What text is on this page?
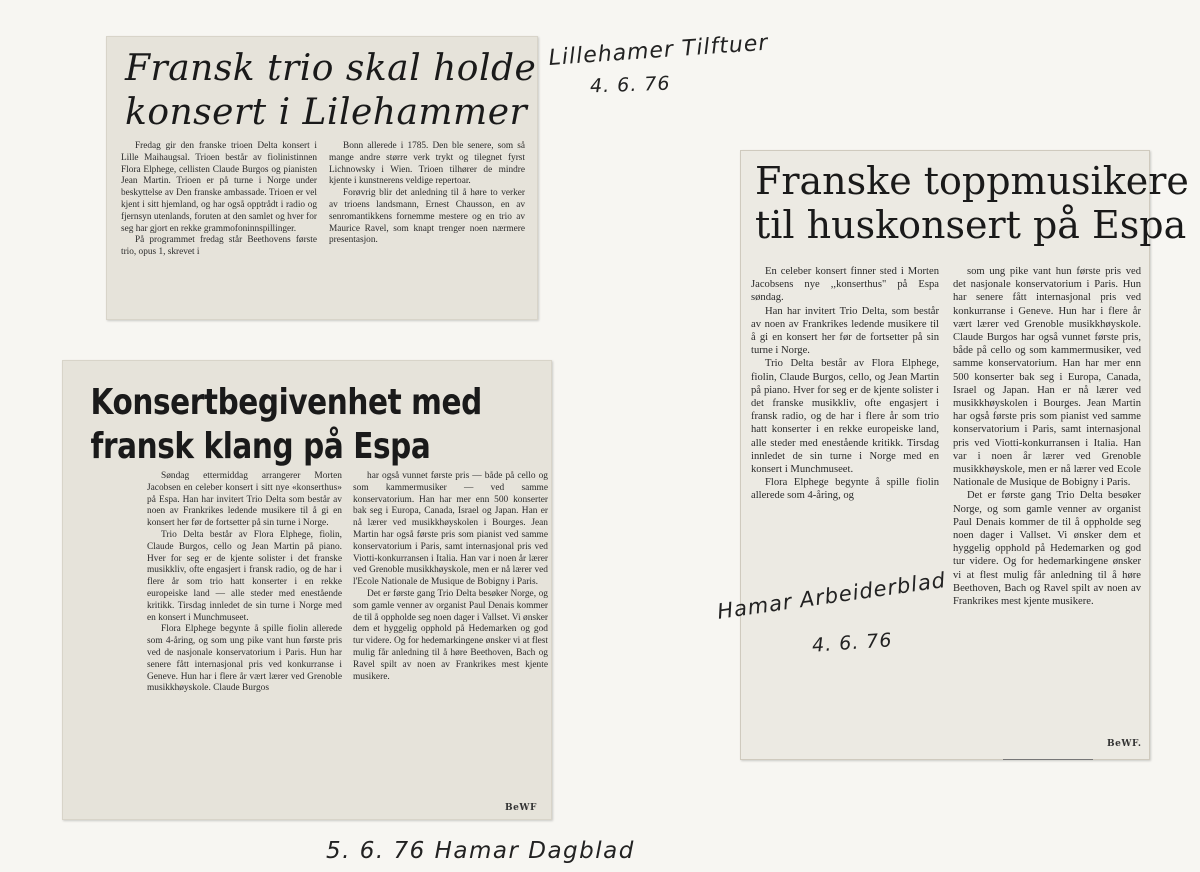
Fransk trio skal holde
konsert i Lilehammer

Fredag gir den franske trioen Delta konsert i Lille Maihaugsal. Trioen består av fiolinistinnen Flora Elphege, cellisten Claude Burgos og pianisten Jean Martin. Trioen er på turne i Norge under beskyttelse av Den franske ambassade. Trioen er vel kjent i sitt hjemland, og har også opptrådt i radio og fjernsyn utenlands, foruten at den samlet og hver for seg har gjort en rekke grammofoninnspillinger.

På programmet fredag står Beethovens første trio, opus 1, skrevet i

Bonn allerede i 1785. Den ble senere, som så mange andre større verk trykt og tilegnet fyrst Lichnowsky i Wien. Trioen tilhører de mindre kjente i kunstnerens veldige repertoar.

Forøvrig blir det anledning til å høre to verker av trioens landsmann, Ernest Chausson, en av senromantikkens fornemme mestere og en trio av Maurice Ravel, som knapt trenger noen nærmere presentasjon.

Konsertbegivenhet med
fransk klang på Espa

Søndag ettermiddag arrangerer Morten Jacobsen en celeber konsert i sitt nye «konserthus» på Espa. Han har invitert Trio Delta som består av noen av Frankrikes ledende musikere til å gi en konsert her før de fortsetter på sin turne i Norge.

Trio Delta består av Flora Elphege, fiolin, Claude Burgos, cello og Jean Martin på piano. Hver for seg er de kjente solister i det franske musikkliv, ofte engasjert i fransk radio, og de har i flere år som trio hatt konserter i en rekke europeiske land — alle steder med enestående kritikk. Tirsdag innledet de sin turne i Norge med en konsert i Munchmuseet.

Flora Elphege begynte å spille fiolin allerede som 4-åring, og som ung pike vant hun første pris ved de nasjonale konservatorium i Paris. Hun har senere fått internasjonal pris ved konkurranse i Geneve. Hun har i flere år vært lærer ved Grenoble musikkhøyskole. Claude Burgos

har også vunnet første pris — både på cello og som kammermusiker — ved samme konservatorium. Han har mer enn 500 konserter bak seg i Europa, Canada, Israel og Japan. Han er nå lærer ved musikkhøyskolen i Bourges. Jean Martin har også første pris som pianist ved samme konservatorium i Paris, samt internasjonal pris ved Viotti-konkurransen i Italia. Han var i noen år lærer ved Grenoble musikkhøyskole, men er nå lærer ved l'Ecole Nationale de Musique de Bobigny i Paris.

Det er første gang Trio Delta besøker Norge, og som gamle venner av organist Paul Denais kommer de til å oppholde seg noen dager i Vallset. Vi ønsker dem et hyggelig opphold på Hedemarken og god tur videre. Og for hedemarkingene ønsker vi at flest mulig får anledning til å høre Beethoven, Bach og Ravel spilt av noen av Frankrikes mest kjente musikere.

BeWF
Franske toppmusikere
til huskonsert på Espa

En celeber konsert finner sted i Morten Jacobsens nye ,,konserthus" på Espa søndag.

Han har invitert Trio Delta, som består av noen av Frankrikes ledende musikere til å gi en konsert her før de fortsetter på sin turne i Norge.

Trio Delta består av Flora Elphege, fiolin, Claude Burgos, cello, og Jean Martin på piano. Hver for seg er de kjente solister i det franske musikkliv, ofte engasjert i fransk radio, og de har i flere år som trio hatt konserter i en rekke europeiske land, alle steder med enestående kritikk. Tirsdag innledet de sin turne i Norge med en konsert i Munchmuseet.

Flora Elphege begynte å spille fiolin allerede som 4-åring, og

som ung pike vant hun første pris ved det nasjonale konservatorium i Paris. Hun har senere fått internasjonal pris ved konkurranse i Geneve. Hun har i flere år vært lærer ved Grenoble musikkhøyskole. Claude Burgos har også vunnet første pris, både på cello og som kammermusiker, ved samme konservatorium. Han har mer enn 500 konserter bak seg i Europa, Canada, Israel og Japan. Han er nå lærer ved musikkhøyskolen i Bourges. Jean Martin har også første pris som pianist ved samme konservatorium i Paris, samt internasjonal pris ved Viotti-konkurransen i Italia. Han var i noen år lærer ved Grenoble musikkhøyskole, men er nå lærer ved Ecole Nationale de Musique de Bobigny i Paris.

Det er første gang Trio Delta besøker Norge, og som gamle venner av organist Paul Denais kommer de til å oppholde seg noen dager i Vallset. Vi ønsker dem et hyggelig opphold på Hedemarken og god tur videre. Og for hedemarkingene ønsker vi at flest mulig får anledning til å høre Beethoven, Bach og Ravel spilt av noen av Frankrikes mest kjente musikere.

BeWF.
Lillehamer Tilftuer
4. 6. 76
Hamar Arbeiderblad
4. 6. 76
5. 6. 76 Hamar Dagblad
